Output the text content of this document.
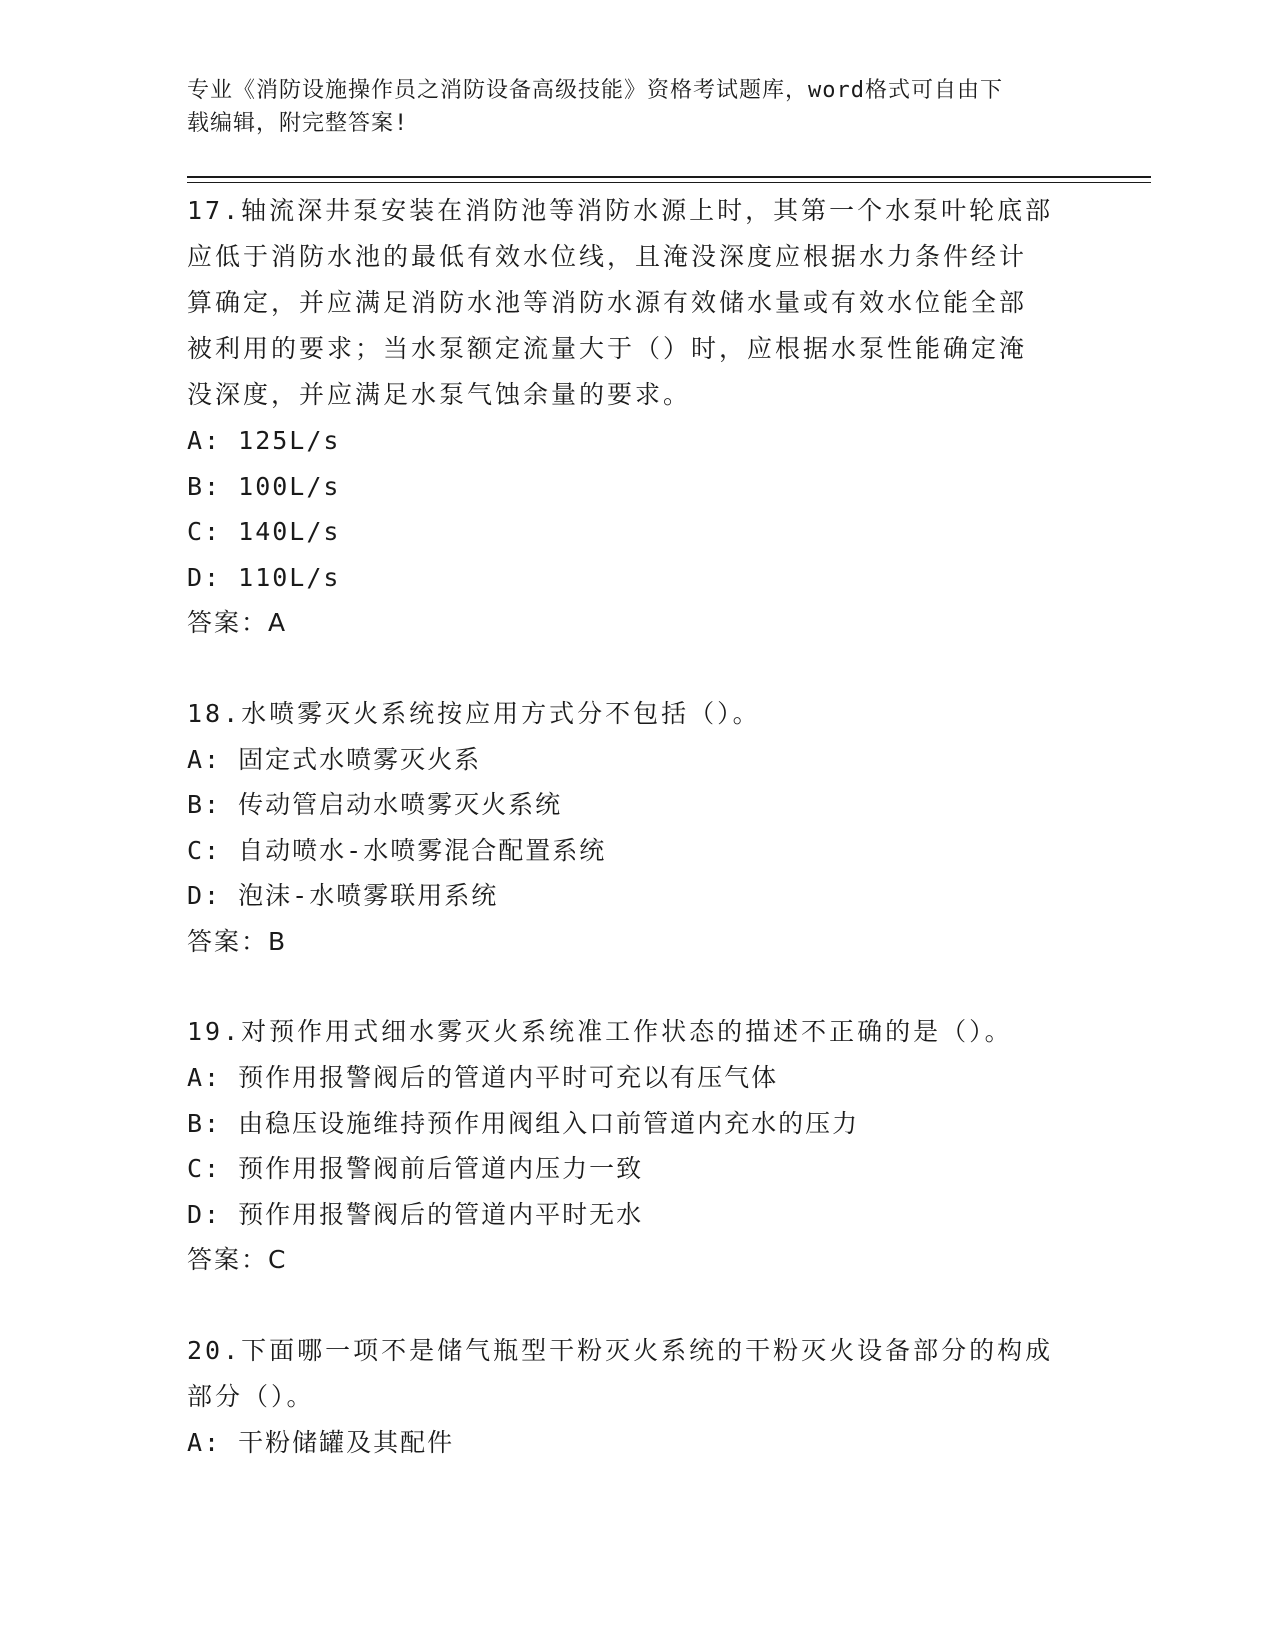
专业《消防设施操作员之消防设备高级技能》资格考试题库，word格式可自由下
载编辑，附完整答案!

17.轴流深井泵安装在消防池等消防水源上时，其第一个水泵叶轮底部

应低于消防水池的最低有效水位线，且淹没深度应根据水力条件经计

算确定，并应满足消防水池等消防水源有效储水量或有效水位能全部

被利用的要求；当水泵额定流量大于（）时，应根据水泵性能确定淹

没深度，并应满足水泵气蚀余量的要求。

A: 125L/s

B: 100L/s

C: 140L/s

D: 110L/s

答案：A

18.水喷雾灭火系统按应用方式分不包括（）。

A: 固定式水喷雾灭火系

B: 传动管启动水喷雾灭火系统

C: 自动喷水-水喷雾混合配置系统

D: 泡沫-水喷雾联用系统

答案：B

19.对预作用式细水雾灭火系统准工作状态的描述不正确的是（）。

A: 预作用报警阀后的管道内平时可充以有压气体

B: 由稳压设施维持预作用阀组入口前管道内充水的压力

C: 预作用报警阀前后管道内压力一致

D: 预作用报警阀后的管道内平时无水

答案：C

20.下面哪一项不是储气瓶型干粉灭火系统的干粉灭火设备部分的构成

部分（）。

A: 干粉储罐及其配件
